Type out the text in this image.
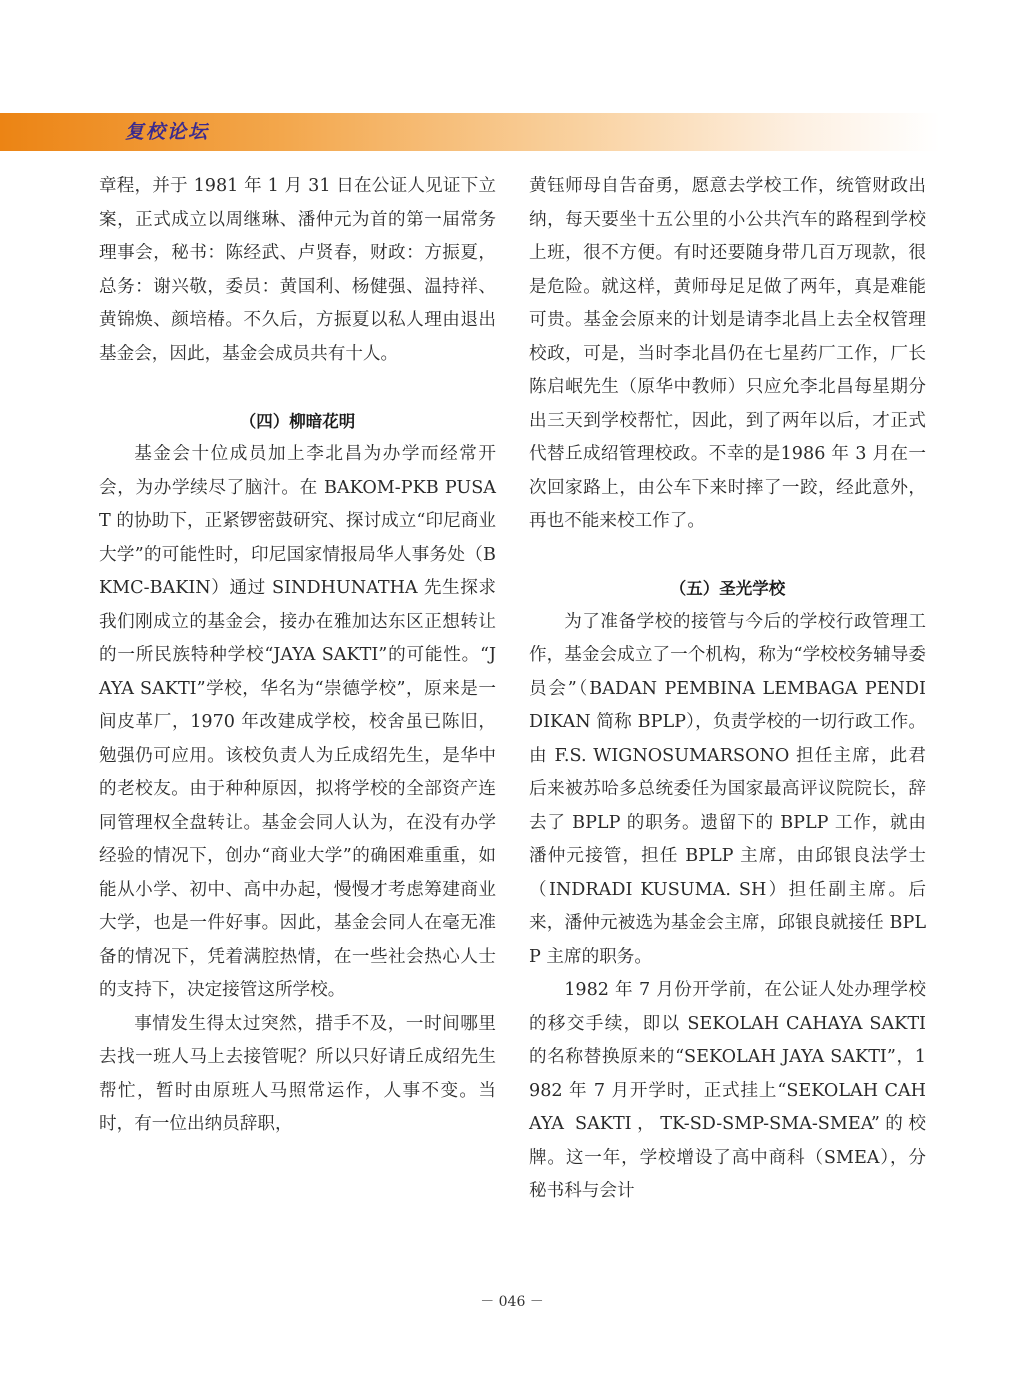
复校论坛

章程，并于 1981 年 1 月 31 日在公证人见证下立案，正式成立以周继琳、潘仲元为首的第一届常务理事会，秘书：陈经武、卢贤春，财政：方振夏，总务：谢兴敬，委员：黄国利、杨健强、温持祥、黄锦焕、颜培椿。不久后，方振夏以私人理由退出基金会，因此，基金会成员共有十人。

（四）柳暗花明

基金会十位成员加上李北昌为办学而经常开会，为办学续尽了脑汁。在 BAKOM-PKB PUSAT 的协助下，正紧锣密鼓研究、探讨成立“印尼商业大学”的可能性时，印尼国家情报局华人事务处（BKMC-BAKIN）通过 SINDHUNATHA 先生探求我们刚成立的基金会，接办在雅加达东区正想转让的一所民族特种学校“JAYA SAKTI”的可能性。“JAYA SAKTI”学校，华名为“崇德学校”，原来是一间皮革厂，1970 年改建成学校，校舍虽已陈旧，勉强仍可应用。该校负责人为丘成绍先生，是华中的老校友。由于种种原因，拟将学校的全部资产连同管理权全盘转让。基金会同人认为，在没有办学经验的情况下，创办“商业大学”的确困难重重，如能从小学、初中、高中办起，慢慢才考虑筹建商业大学，也是一件好事。因此，基金会同人在毫无准备的情况下，凭着满腔热情，在一些社会热心人士的支持下，决定接管这所学校。

事情发生得太过突然，措手不及，一时间哪里去找一班人马上去接管呢？所以只好请丘成绍先生帮忙，暂时由原班人马照常运作，人事不变。当时，有一位出纳员辞职，

黄钰师母自告奋勇，愿意去学校工作，统管财政出纳，每天要坐十五公里的小公共汽车的路程到学校上班，很不方便。有时还要随身带几百万现款，很是危险。就这样，黄师母足足做了两年，真是难能可贵。基金会原来的计划是请李北昌上去全权管理校政，可是，当时李北昌仍在七星药厂工作，厂长陈启岷先生（原华中教师）只应允李北昌每星期分出三天到学校帮忙，因此，到了两年以后，才正式代替丘成绍管理校政。不幸的是1986 年 3 月在一次回家路上，由公车下来时摔了一跤，经此意外，再也不能来校工作了。

（五）圣光学校

为了准备学校的接管与今后的学校行政管理工作，基金会成立了一个机构，称为“学校校务辅导委员会”（BADAN PEMBINA LEMBAGA PENDIDIKAN 简称 BPLP），负责学校的一切行政工作。由 F.S. WIGNOSUMARSONO 担任主席，此君后来被苏哈多总统委任为国家最高评议院院长，辞去了 BPLP 的职务。遗留下的 BPLP 工作，就由潘仲元接管，担任 BPLP 主席，由邱银良法学士（INDRADI KUSUMA. SH）担任副主席。后来，潘仲元被选为基金会主席，邱银良就接任 BPLP 主席的职务。

1982 年 7 月份开学前，在公证人处办理学校的移交手续，即以 SEKOLAH CAHAYA SAKTI 的名称替换原来的“SEKOLAH JAYA SAKTI”，1982 年 7 月开学时，正式挂上“SEKOLAH CAHAYA SAKTI，TK-SD-SMP-SMA-SMEA”的校牌。这一年，学校增设了高中商科（SMEA），分秘书科与会计

－ 046 －
